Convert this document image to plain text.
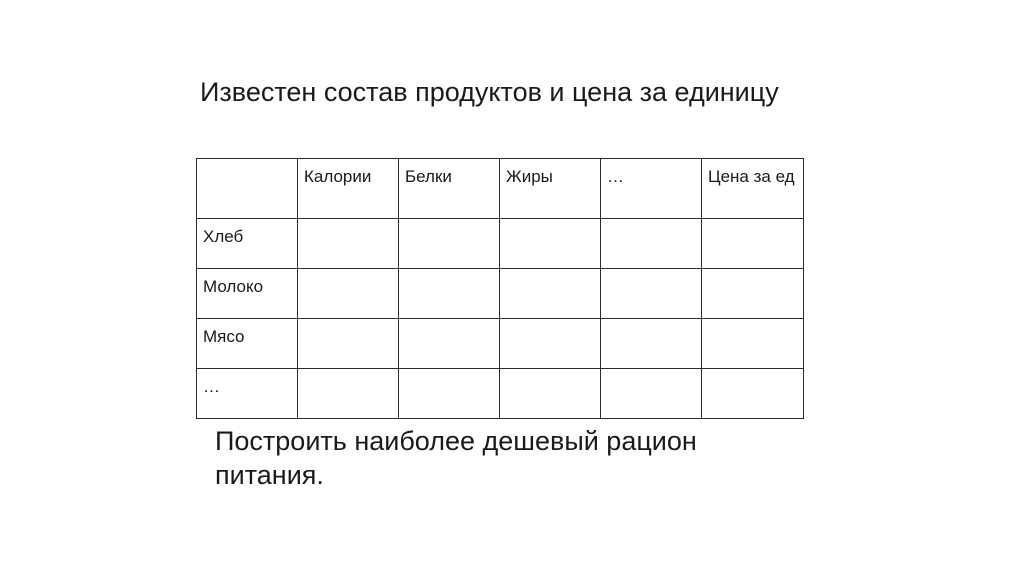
Известен состав продуктов и цена за единицу
	Калории	Белки	Жиры	…	Цена за ед
Хлеб					
Молоко					
Мясо					
…					
Построить наиболее дешевый рацион питания.
